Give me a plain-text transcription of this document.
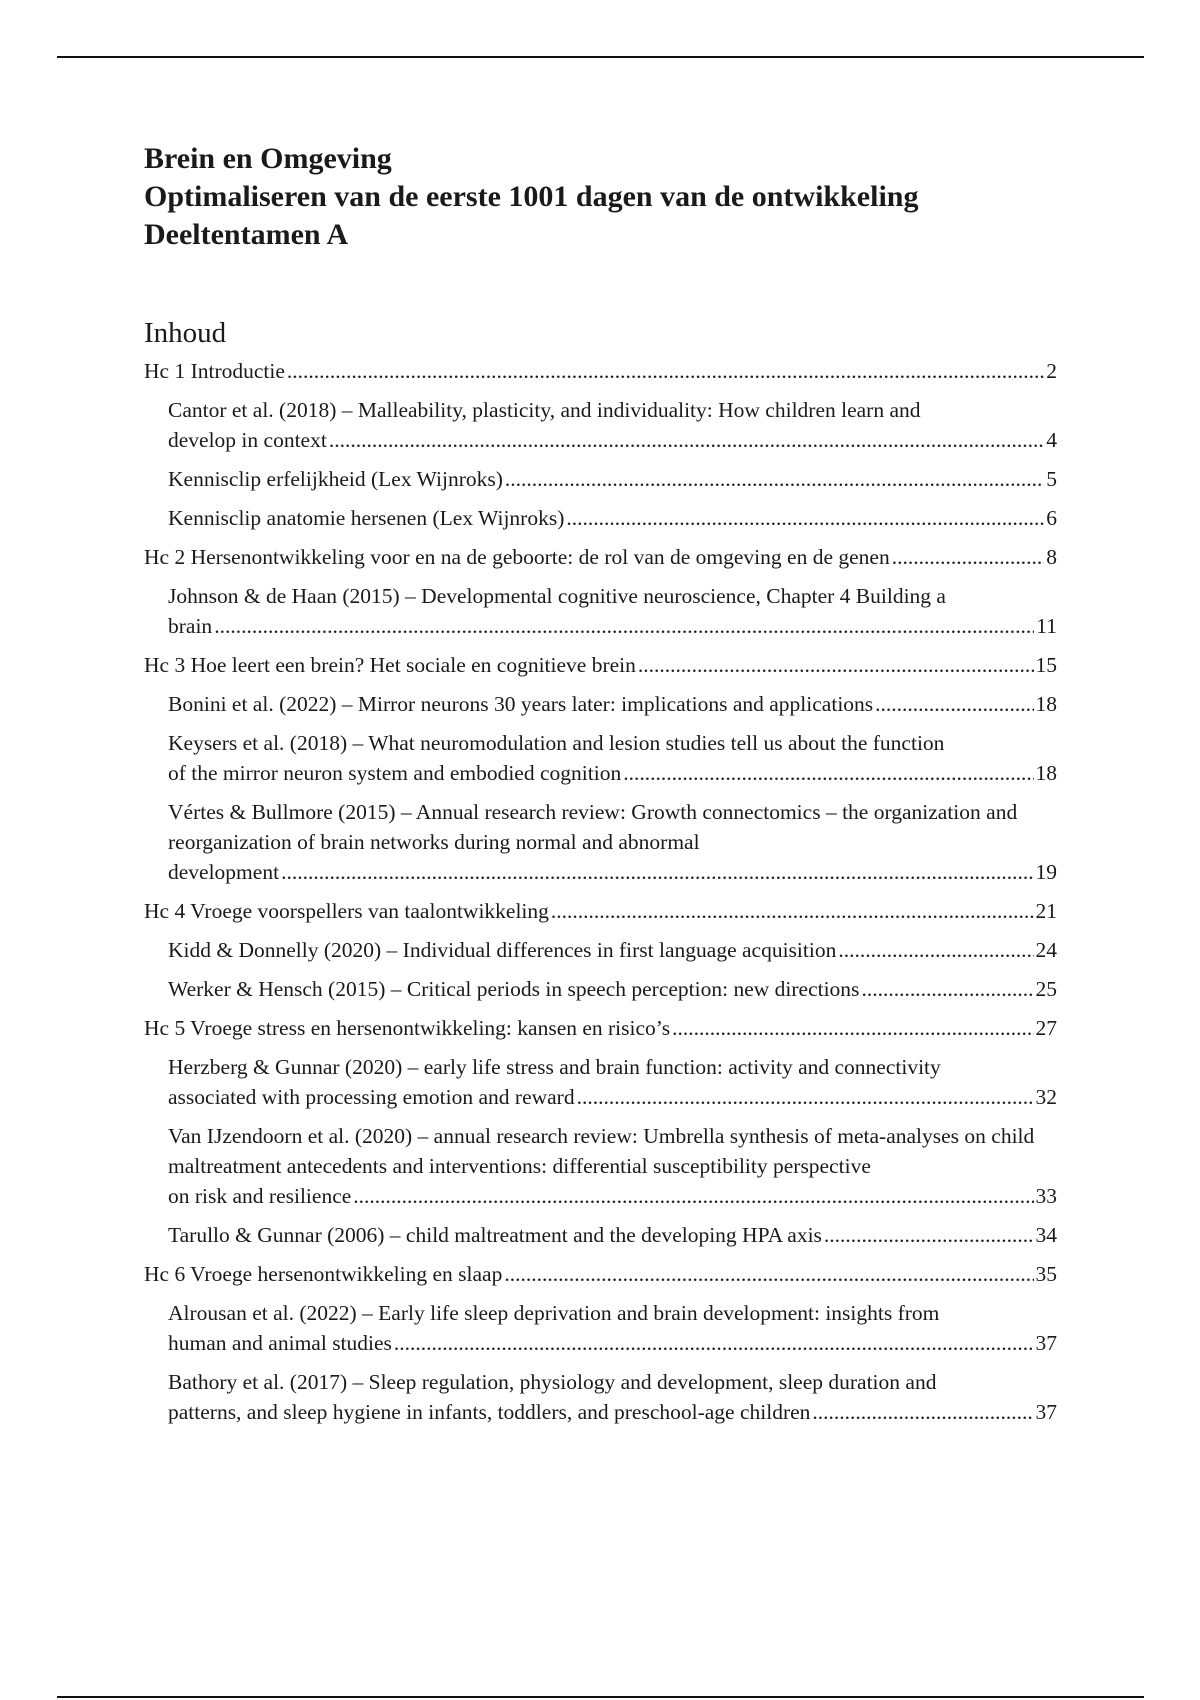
Brein en Omgeving

Optimaliseren van de eerste 1001 dagen van de ontwikkeling

Deeltentamen A

Inhoud
Hc 1 Introductie .....	2
Cantor et al. (2018) – Malleability, plasticity, and individuality: How children learn and
develop in context .....	4
Kennisclip erfelijkheid (Lex Wijnroks) .....	5
Kennisclip anatomie hersenen (Lex Wijnroks) .....	6
Hc 2 Hersenontwikkeling voor en na de geboorte: de rol van de omgeving en de genen .....	8
Johnson & de Haan (2015) – Developmental cognitive neuroscience, Chapter 4 Building a
brain .....	11
Hc 3 Hoe leert een brein? Het sociale en cognitieve brein .....	15
Bonini et al. (2022) – Mirror neurons 30 years later: implications and applications .....	18
Keysers et al. (2018) – What neuromodulation and lesion studies tell us about the function
of the mirror neuron system and embodied cognition .....	18
Vértes & Bullmore (2015) – Annual research review: Growth connectomics – the organization and reorganization of brain networks during normal and abnormal
development .....	19
Hc 4 Vroege voorspellers van taalontwikkeling .....	21
Kidd & Donnelly (2020) – Individual differences in first language acquisition .....	24
Werker & Hensch (2015) – Critical periods in speech perception: new directions .....	25
Hc 5 Vroege stress en hersenontwikkeling: kansen en risico’s .....	27
Herzberg & Gunnar (2020) – early life stress and brain function: activity and connectivity
associated with processing emotion and reward .....	32
Van IJzendoorn et al. (2020) – annual research review: Umbrella synthesis of meta-analyses on child maltreatment antecedents and interventions: differential susceptibility perspective
on risk and resilience .....	33
Tarullo & Gunnar (2006) – child maltreatment and the developing HPA axis .....	34
Hc 6 Vroege hersenontwikkeling en slaap .....	35
Alrousan et al. (2022) – Early life sleep deprivation and brain development: insights from
human and animal studies .....	37
Bathory et al. (2017) – Sleep regulation, physiology and development, sleep duration and
patterns, and sleep hygiene in infants, toddlers, and preschool-age children .....	37
